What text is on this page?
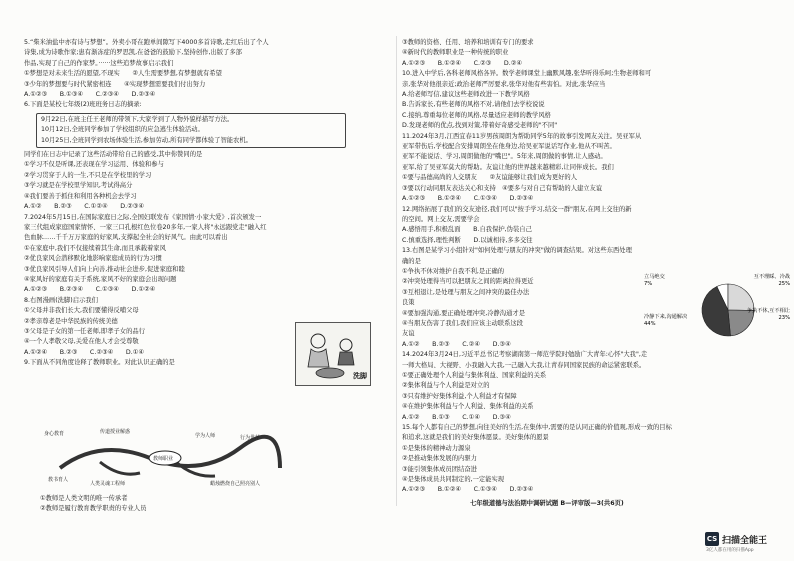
5.“柴米油盐中亦有诗与梦想”。外卖小哥在跑单间隙写下4000多首诗歌,走红后出了个人
诗集,成为诗歌作家;患有渐冻症的罗思凯,在爸爸的鼓励下,坚持创作,出版了多部
作品,实现了自己的作家梦。······这些追梦故事启示我们
①梦想是对未来生活的愿望,不现实　　②人生需要梦想,有梦想就有希望
③少年的梦想要与时代紧密相连　　④实现梦想需要我们付出努力
A.①②③　　B.①③④　　C.②③④　　D.②③④
6.下面是某校七年级(2)班班务日志的摘录:
9月22日,在班主任王老师的带领下,大家学到了人物外貌样描写方法。
10月12日,全班同学参加了学校组织的应急逃生体验活动。
10月25日,全班同学到农场体验生活,参加劳动,所有同学都体验了智能农机。
同学们在日志中记录了这些活动带给自己的感受,其中你赞同的是
①学习不仅是听课,还表现在学习运用、体验和参与
②学习贯穿于人的一生,不只是在学校里的学习
③学习就是在学校里学知识,考试得高分
④我们要善于抓住和利用各种机会去学习
A.①②　　B.②③　　C.①②④　　D.②③④
7.2024年5月15日,在国际家庭日之际,全国妇联发布《家国情·小家大爱》,首次颁发一
家三代组成家庭国家情怀、一家三口孔根红色位卷20多年,一家人将"永远跟党走"融入红
色血脉……千千万万家庭的好家风,支撑起全社会的好风气。由此可以看出
①在家庭中,我们不仅接续着其生命,而且承载着家风
②优良家风会潜移默化地影响家庭成员的行为习惯
③优良家风引导人们向上向善,推动社会进步,促进家庭和睦
④家风好的家庭有关于系统,家风不好的家庭会出现问题
A.①②③　　B.②③④　　C.①③④　　D.①②④
8.右图漫画(洗脚)启示我们
①父母并非我们长大,我们要懂得反哺父母
②孝亲尊老是中华民族的传统美德
③父母是子女的第一任老师,即孝子女的品行
④一个人孝敬父母,关爱在他人才会受尊敬
A.①②④　　B.②③　　C.②③④　　D.①④
9.下面从不同角度诠释了教师职业。对此认识正确的是
洗脚
身心教育	传道授业解惑
教书育人
人类灵魂工程师
学为人师	行为世范
教师职业
蜡烛燃烧自己照亮别人
①教师是人类文明的唯一传承者
②教师是履行教育教学职责的专业人员
③教师的资格、任用、培养和培训有专门的要求
④新时代的教师职业是一种传统的职业
A.①②③　　B.①②④　　C.②③　　D.②④
10.进入中学后,各科老师风格各异。数学老师课堂上幽默风趣,张华听得乐呵;生物老师和可
亲,张华对他很亲近;政治老师严厉要求,张华对他有些害怕。对此,张华应当
A.给老师写信,建议这些老师改进一下教学风格
B.告诉家长,有些老师的风格不对,请他们去学校说说
C.接纳,尊重每位老师的风格,尽量适应老师的教学风格
D.发现老师的优点,找到对策,带着好奇感受老师的"不同"
11.2024年3月,江西宜春11岁男孩周朗为帮助同学5年的故事引发网友关注。吴亚军从
亚军带伤后,学校配合安排周朗坐在他身边,给吴亚军说话写作业,他从不叫苦。
亚军不能说话、学习,周朗做他的"嘴巴"。5年来,周朗做的事情,让人感动。
亚军,给了吴亚军莫大的帮助。友谊让他的世界越来越精彩,让同伴成长。我们
①要与品德高尚的人交朋友　　②友谊能够让我们成为更好的人
③要以行动同朋友表达关心和支持　④要多与对自己有帮助的人建立友谊
A.①②③　　B.①②④　　C.①③④　　D.②③④
12.网络拓展了我们的交友途径,我们可以"按手学习,结交一群"朋友,在网上交往的新
的空间。网上交友,需要学会
A.感悟用手,积极乱面　　B.自我保护,伪装自己
C.慎重选择,理性判断　　D.以诚相待,多多交往
13.右图是某学习小组针对"如何处理与朋友的冲突"做的调查结果。对这些东西处理
确的是
①争执不休对维护自我不利,是正确的
②冲突处理得当可以把朋友之间的距离拉得更近
③互相退让,是处理与朋友之间冲突的最佳办法
良策
④要加强沟通,要正确处理冲突,冷静沟通才是
④当朋友伤害了我们,我们应该主动联系这段
友谊
A.①②　　B.②③　　C.②④　　D.③④
14.2024年3月24日,习近平总书记考察湖南第一师范学院时勉励广大青年:心怀"大我",走
一师大格局、大视野、小我融入大我,一己融入大我,让青春同国家民族的命运紧密联系。
①要正确处理个人利益与集体利益、国家利益的关系
②集体利益与个人利益是对立的
③只有维护好集体利益,个人利益才有保障
④在维护集体利益与个人利益、集体利益的关系
A.①②　　B.①③　　C.①④　　D.③④
15.每个人都有自己的梦想,向往美好的生活,在集体中,需要的是认同正确的价值观,形成一致的目标
和追求,这就是我们的美好集体愿景。美好集体的愿景
①是集体的精神动力源泉
②是推动集体发展的内驱力
③能引领集体成员团结奋进
④是集体成员共同制定的,一定能实现
A.①②③　　B.①②④　　C.①③④　　D.②③④
立马绝交
7%
互不理睬、冷战
25%
争执不休,互不相让
23%
冷静下来,沟通解决
44%
七年级道德与法治期中调研试题 B—评审版—3(共6页)
CS 扫描全能王
3亿人都在用的扫描App
